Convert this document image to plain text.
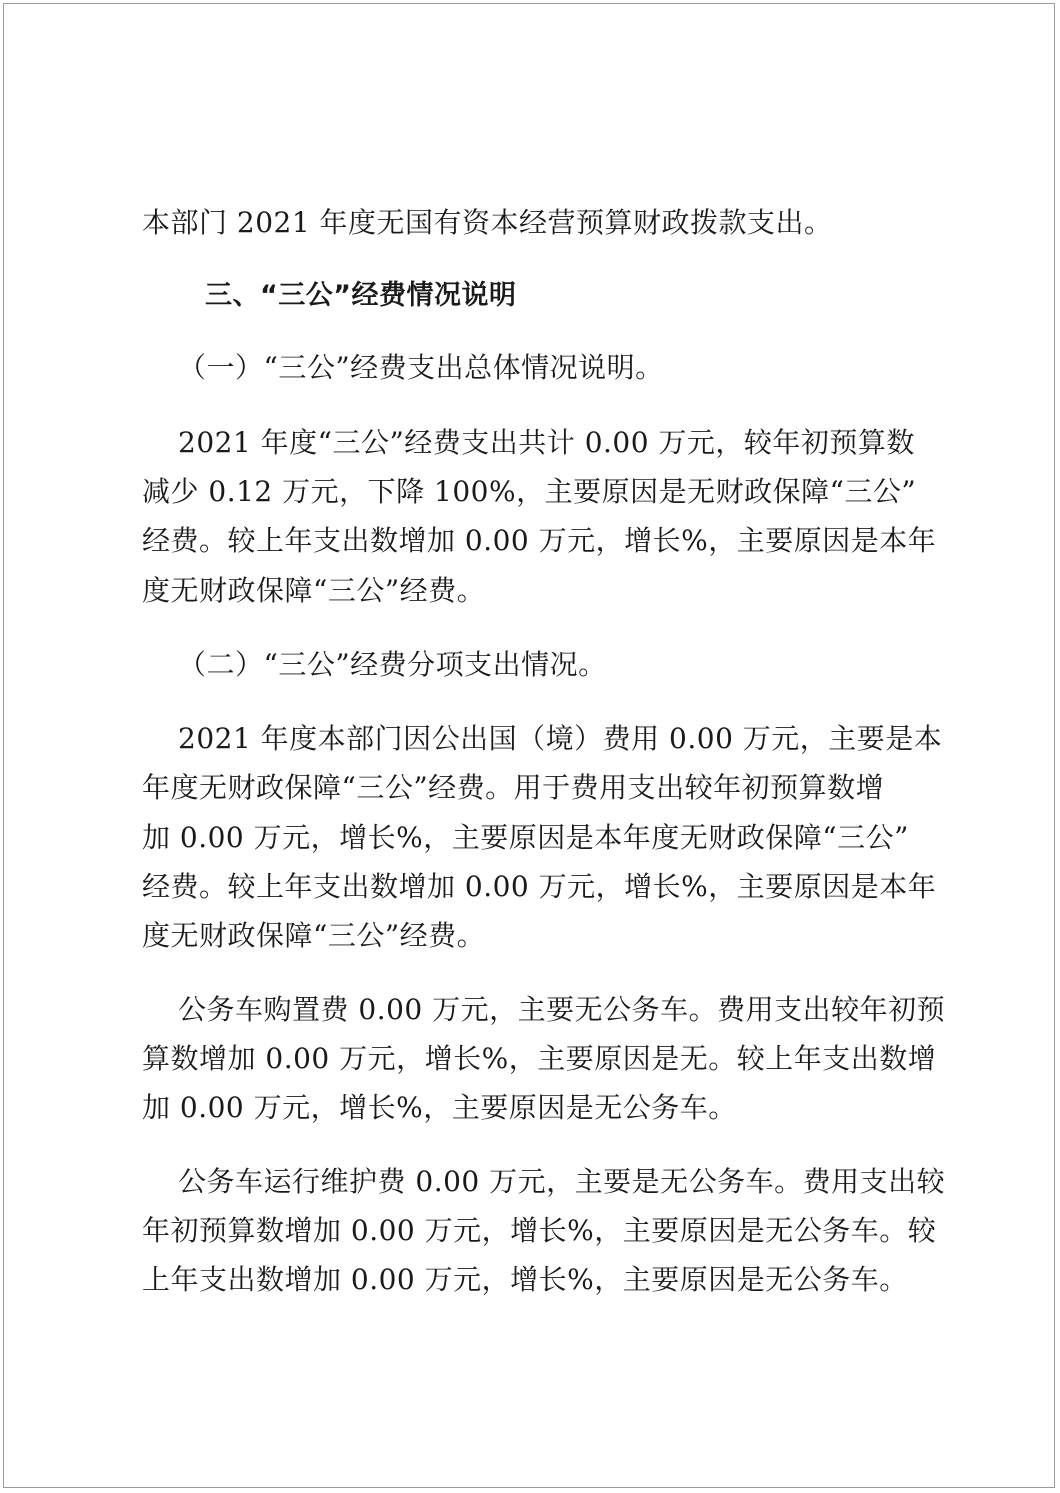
本部门 2021 年度无国有资本经营预算财政拨款支出。
三、“三公”经费情况说明
（一）“三公”经费支出总体情况说明。
2021 年度“三公”经费支出共计 0.00 万元，较年初预算数
减少 0.12 万元，下降 100%，主要原因是无财政保障“三公”
经费。较上年支出数增加 0.00 万元，增长%，主要原因是本年
度无财政保障“三公”经费。
（二）“三公”经费分项支出情况。
2021 年度本部门因公出国（境）费用 0.00 万元，主要是本
年度无财政保障“三公”经费。用于费用支出较年初预算数增
加 0.00 万元，增长%，主要原因是本年度无财政保障“三公”
经费。较上年支出数增加 0.00 万元，增长%，主要原因是本年
度无财政保障“三公”经费。
公务车购置费 0.00 万元，主要无公务车。费用支出较年初预
算数增加 0.00 万元，增长%，主要原因是无。较上年支出数增
加 0.00 万元，增长%，主要原因是无公务车。
公务车运行维护费 0.00 万元，主要是无公务车。费用支出较
年初预算数增加 0.00 万元，增长%，主要原因是无公务车。较
上年支出数增加 0.00 万元，增长%，主要原因是无公务车。
